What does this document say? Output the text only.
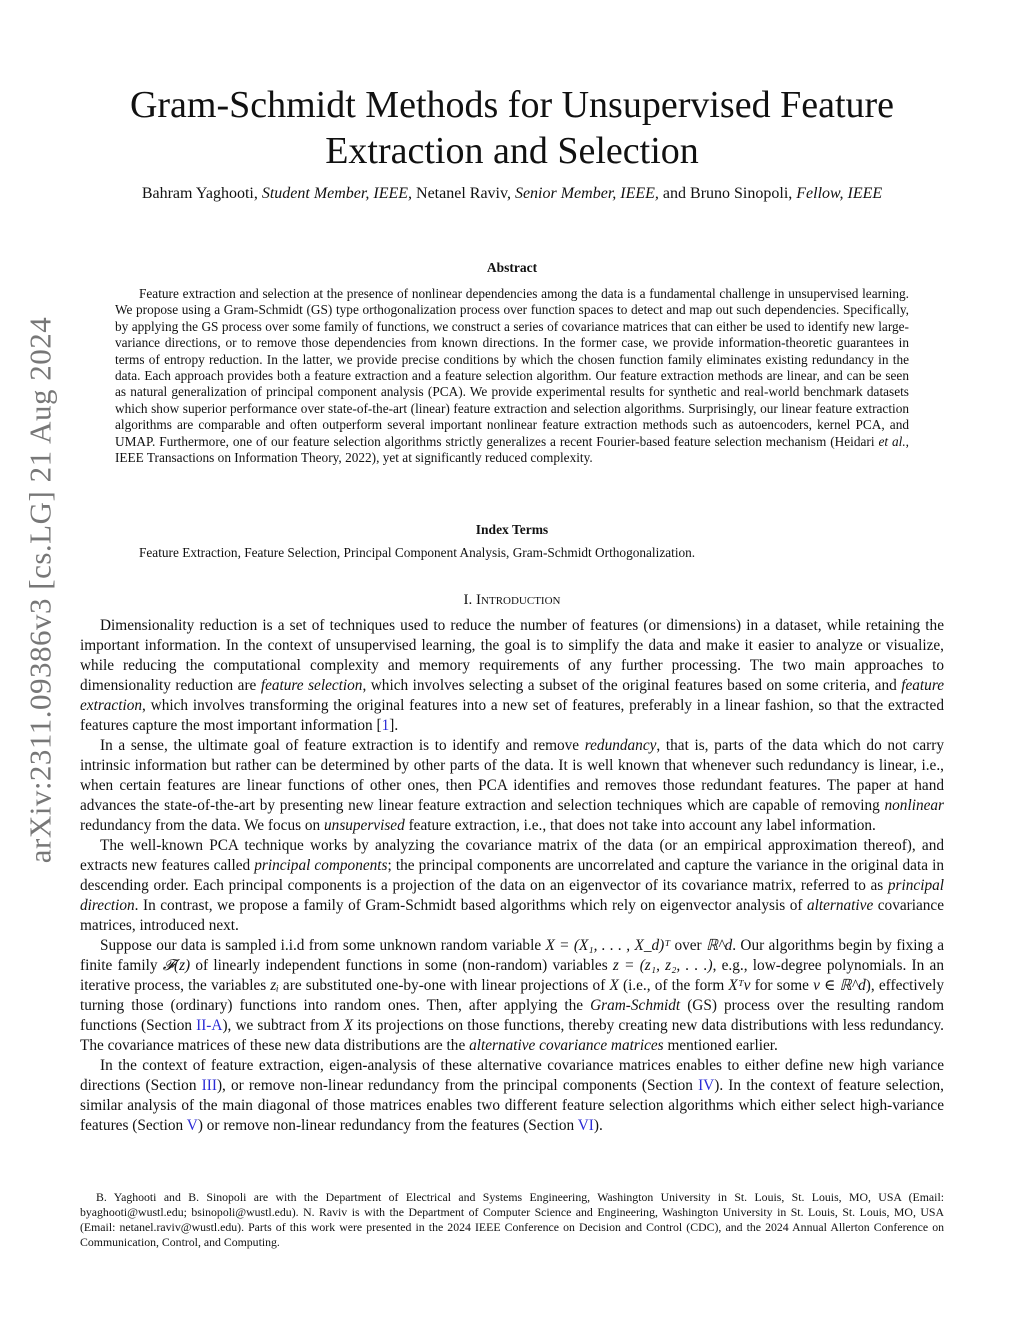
arXiv:2311.09386v3 [cs.LG] 21 Aug 2024
Gram-Schmidt Methods for Unsupervised Feature Extraction and Selection

Bahram Yaghooti, Student Member, IEEE, Netanel Raviv, Senior Member, IEEE, and Bruno Sinopoli, Fellow, IEEE

Abstract

Feature extraction and selection at the presence of nonlinear dependencies among the data is a fundamental challenge in unsupervised learning. We propose using a Gram-Schmidt (GS) type orthogonalization process over function spaces to detect and map out such dependencies. Specifically, by applying the GS process over some family of functions, we construct a series of covariance matrices that can either be used to identify new large-variance directions, or to remove those dependencies from known directions. In the former case, we provide information-theoretic guarantees in terms of entropy reduction. In the latter, we provide precise conditions by which the chosen function family eliminates existing redundancy in the data. Each approach provides both a feature extraction and a feature selection algorithm. Our feature extraction methods are linear, and can be seen as natural generalization of principal component analysis (PCA). We provide experimental results for synthetic and real-world benchmark datasets which show superior performance over state-of-the-art (linear) feature extraction and selection algorithms. Surprisingly, our linear feature extraction algorithms are comparable and often outperform several important nonlinear feature extraction methods such as autoencoders, kernel PCA, and UMAP. Furthermore, one of our feature selection algorithms strictly generalizes a recent Fourier-based feature selection mechanism (Heidari et al., IEEE Transactions on Information Theory, 2022), yet at significantly reduced complexity.

Index Terms

Feature Extraction, Feature Selection, Principal Component Analysis, Gram-Schmidt Orthogonalization.

I. Introduction

Dimensionality reduction is a set of techniques used to reduce the number of features (or dimensions) in a dataset, while retaining the important information. In the context of unsupervised learning, the goal is to simplify the data and make it easier to analyze or visualize, while reducing the computational complexity and memory requirements of any further processing. The two main approaches to dimensionality reduction are feature selection, which involves selecting a subset of the original features based on some criteria, and feature extraction, which involves transforming the original features into a new set of features, preferably in a linear fashion, so that the extracted features capture the most important information [1].

In a sense, the ultimate goal of feature extraction is to identify and remove redundancy, that is, parts of the data which do not carry intrinsic information but rather can be determined by other parts of the data. It is well known that whenever such redundancy is linear, i.e., when certain features are linear functions of other ones, then PCA identifies and removes those redundant features. The paper at hand advances the state-of-the-art by presenting new linear feature extraction and selection techniques which are capable of removing nonlinear redundancy from the data. We focus on unsupervised feature extraction, i.e., that does not take into account any label information.

The well-known PCA technique works by analyzing the covariance matrix of the data (or an empirical approximation thereof), and extracts new features called principal components; the principal components are uncorrelated and capture the variance in the original data in descending order. Each principal components is a projection of the data on an eigenvector of its covariance matrix, referred to as principal direction. In contrast, we propose a family of Gram-Schmidt based algorithms which rely on eigenvector analysis of alternative covariance matrices, introduced next.

Suppose our data is sampled i.i.d from some unknown random variable X = (X₁, . . . , X_d)ᵀ over ℝ^d. Our algorithms begin by fixing a finite family 𝓕(z) of linearly independent functions in some (non-random) variables z = (z₁, z₂, . . .), e.g., low-degree polynomials. In an iterative process, the variables zᵢ are substituted one-by-one with linear projections of X (i.e., of the form Xᵀν for some ν ∈ ℝ^d), effectively turning those (ordinary) functions into random ones. Then, after applying the Gram-Schmidt (GS) process over the resulting random functions (Section II-A), we subtract from X its projections on those functions, thereby creating new data distributions with less redundancy. The covariance matrices of these new data distributions are the alternative covariance matrices mentioned earlier.

In the context of feature extraction, eigen-analysis of these alternative covariance matrices enables to either define new high variance directions (Section III), or remove non-linear redundancy from the principal components (Section IV). In the context of feature selection, similar analysis of the main diagonal of those matrices enables two different feature selection algorithms which either select high-variance features (Section V) or remove non-linear redundancy from the features (Section VI).

B. Yaghooti and B. Sinopoli are with the Department of Electrical and Systems Engineering, Washington University in St. Louis, St. Louis, MO, USA (Email: byaghooti@wustl.edu; bsinopoli@wustl.edu). N. Raviv is with the Department of Computer Science and Engineering, Washington University in St. Louis, St. Louis, MO, USA (Email: netanel.raviv@wustl.edu). Parts of this work were presented in the 2024 IEEE Conference on Decision and Control (CDC), and the 2024 Annual Allerton Conference on Communication, Control, and Computing.
